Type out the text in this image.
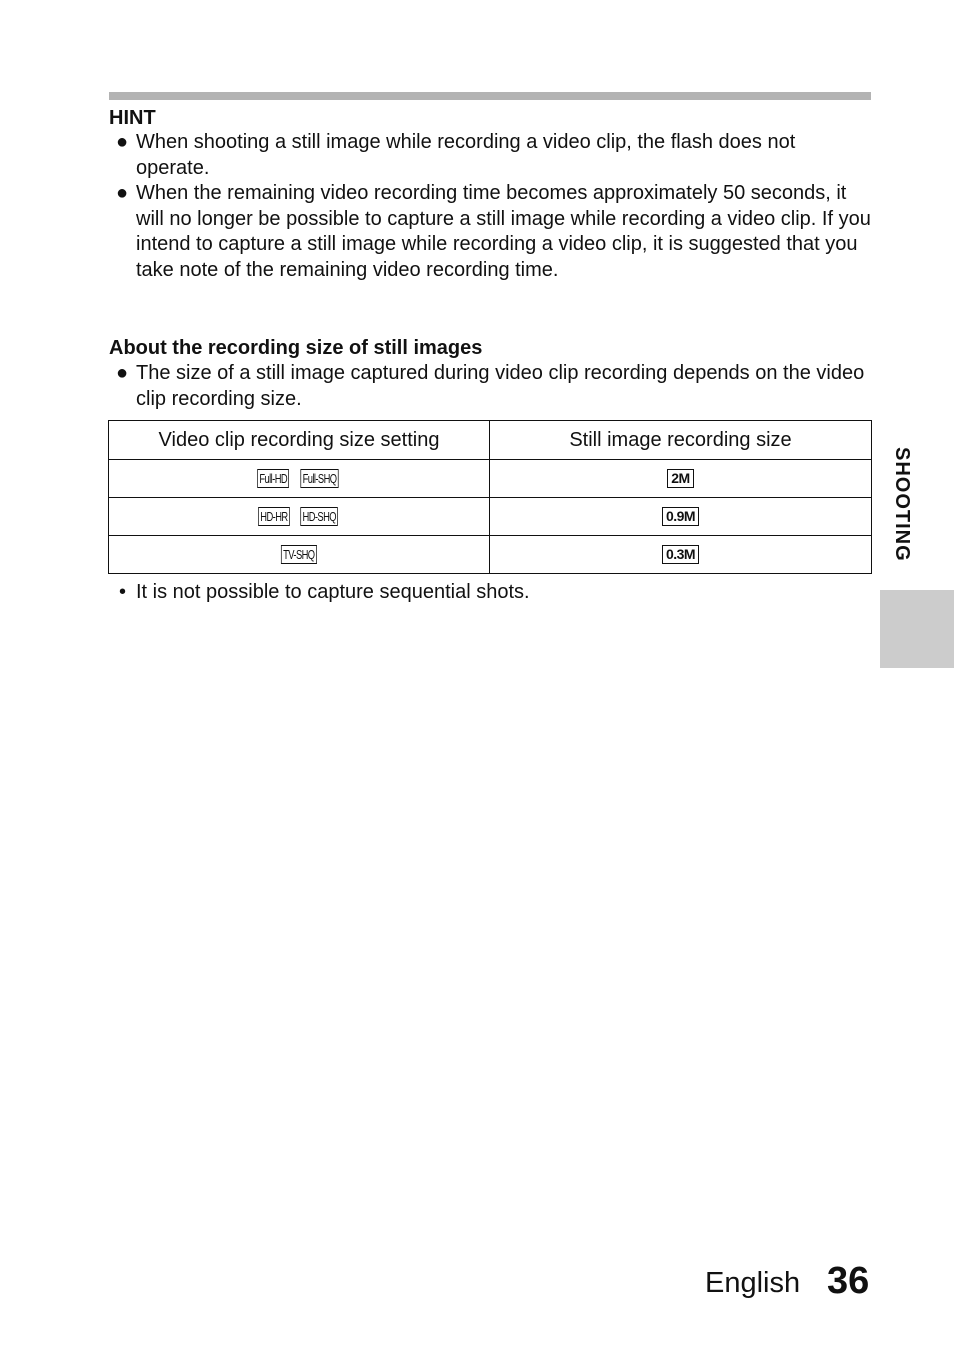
HINT
● When shooting a still image while recording a video clip, the flash does not operate.
● When the remaining video recording time becomes approximately 50 seconds, it will no longer be possible to capture a still image while recording a video clip. If you intend to capture a still image while recording a video clip, it is suggested that you take note of the remaining video recording time.
About the recording size of still images
● The size of a still image captured during video clip recording depends on the video clip recording size.
Video clip recording size setting	Still image recording size
Full-HD Full-SHQ	2M
HD-HR HD-SHQ	0.9M
TV-SHQ	0.3M
• It is not possible to capture sequential shots.
SHOOTING
English 36
